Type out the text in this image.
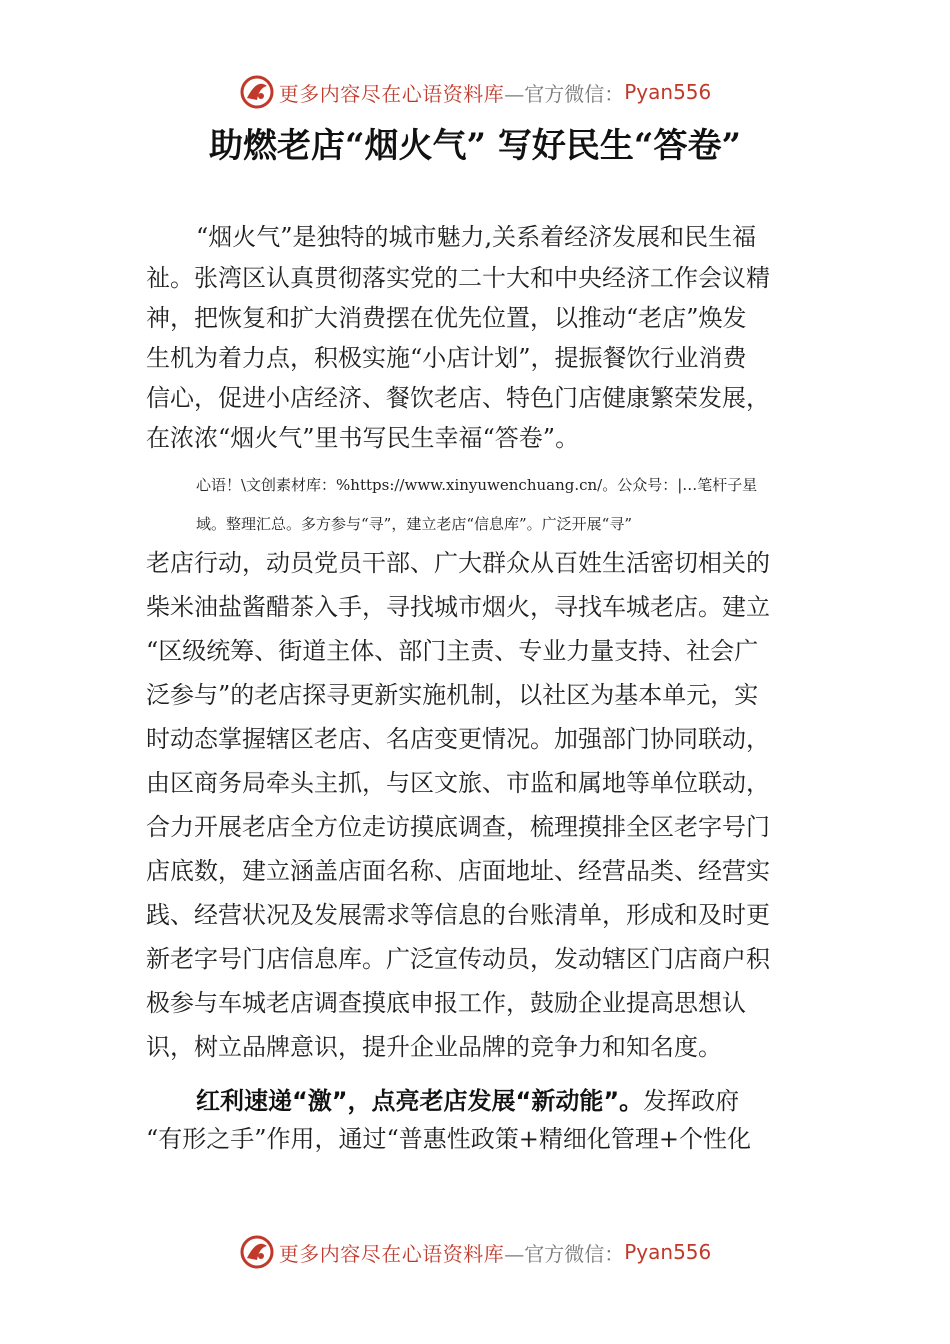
更多内容尽在心语资料库 —官方微信： Pyan556
助燃老店“烟火气” 写好民生“答卷”
“烟火气”是独特的城市魅力,关系着经济发展和民生福
祉。张湾区认真贯彻落实党的二十大和中央经济工作会议精
神，把恢复和扩大消费摆在优先位置，以推动“老店”焕发
生机为着力点，积极实施“小店计划”，提振餐饮行业消费
信心，促进小店经济、餐饮老店、特色门店健康繁荣发展，
在浓浓“烟火气”里书写民生幸福“答卷”。
心语！\文创素材库：%https://www.xinyuwenchuang.cn/。公众号：|…笔杆子星
域。整理汇总。多方参与“寻”，建立老店“信息库”。广泛开展“寻”
老店行动，动员党员干部、广大群众从百姓生活密切相关的
柴米油盐酱醋茶入手，寻找城市烟火，寻找车城老店。建立
“区级统筹、街道主体、部门主责、专业力量支持、社会广
泛参与”的老店探寻更新实施机制，以社区为基本单元，实
时动态掌握辖区老店、名店变更情况。加强部门协同联动，
由区商务局牵头主抓，与区文旅、市监和属地等单位联动，
合力开展老店全方位走访摸底调查，梳理摸排全区老字号门
店底数，建立涵盖店面名称、店面地址、经营品类、经营实
践、经营状况及发展需求等信息的台账清单，形成和及时更
新老字号门店信息库。广泛宣传动员，发动辖区门店商户积
极参与车城老店调查摸底申报工作，鼓励企业提高思想认
识，树立品牌意识，提升企业品牌的竞争力和知名度。
红利速递“激”，点亮老店发展“新动能”。发挥政府
“有形之手”作用，通过“普惠性政策+精细化管理+个性化
更多内容尽在心语资料库 —官方微信： Pyan556
